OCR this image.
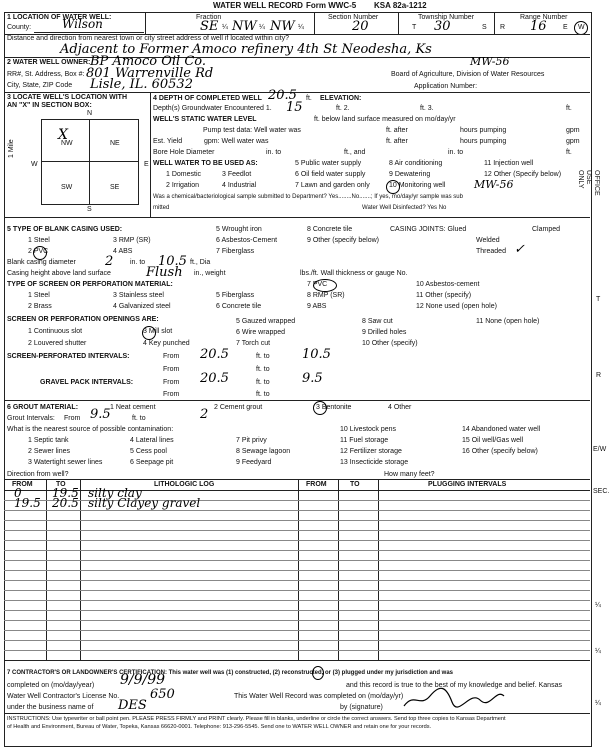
WATER WELL RECORD Form WWC-5 KSA 82a-1212
1 LOCATION OF WATER WELL:
County:	Wilson	Fraction
SE ¼ NW ¼ NW ¼
Section Number
20
Township Number
T 30	S
Range Number
R 16 E W
Distance and direction from nearest town or city street address of well if located within city?
Adjacent to Former Amoco refinery 4th St Neodesha, Ks
2 WATER WELL OWNER: BP Amoco Oil Co.	MW-56
RR#, St. Address, Box #: 801 Warrenville Rd	Board of Agriculture, Division of Water Resources
City, State, ZIP Code Lisle, IL. 60532	Application Number:
3 LOCATE WELL'S LOCATION WITH
AN "X" IN SECTION BOX:
N
S
W	E
1 Mile	NW	NE
SW	SE
X
4 DEPTH OF COMPLETED WELL 20.5 ft. ELEVATION:
Depth(s) Groundwater Encountered 1. 15	ft. 2.	ft. 3.	ft.
WELL'S STATIC WATER LEVEL	ft. below land surface measured on mo/day/yr
Pump test data: Well water was	ft. after	hours pumping	gpm
Est. Yield	gpm: Well water was	ft. after	hours pumping	gpm
Bore Hole Diameter	in. to	ft., and	in. to	ft.
WELL WATER TO BE USED AS:
1 Domestic	3 Feedlot
5 Public water supply
6 Oil field water supply
7 Lawn and garden only
2 Irrigation	4 Industrial
8 Air conditioning
9 Dewatering
10 Monitoring well
11 Injection well
12 Other (Specify below)
MW-56
Was a chemical/bacteriological sample submitted to Department? Yes........No.......; If yes, mo/day/yr sample was sub
mitted	Water Well Disinfected? Yes No
5 TYPE OF BLANK CASING USED:
1 Steel
2 PVC
3 RMP (SR)
4 ABS
5 Wrought iron
6 Asbestos-Cement
7 Fiberglass
8 Concrete tile
9 Other (specify below)
CASING JOINTS: Glued	Clamped
Welded
Threaded ✓
Blank casing diameter 2 in. to 10.5 ft., Dia
Casing height above land surface	Flush in., weight	lbs./ft. Wall thickness or gauge No.
TYPE OF SCREEN OR PERFORATION MATERIAL:
1 Steel
2 Brass
3 Stainless steel
4 Galvanized steel
5 Fiberglass
6 Concrete tile
7 PVC
8 RMP (SR)
9 ABS
10 Asbestos-cement
11 Other (specify)
12 None used (open hole)
SCREEN OR PERFORATION OPENINGS ARE:
1 Continuous slot
2 Louvered shutter
3 Mill slot
4 Key punched
5 Gauzed wrapped
6 Wire wrapped
7 Torch cut
8 Saw cut
9 Drilled holes
10 Other (specify)
11 None (open hole)
SCREEN-PERFORATED INTERVALS:	From 20.5	ft. to 10.5
From	ft. to
GRAVEL PACK INTERVALS:	From 20.5	ft. to 9.5
From	ft. to
6 GROUT MATERIAL:	1 Neat cement	2 Cement grout	3 Bentonite	4 Other
Grout Intervals: From 9.5	ft. to	2
What is the nearest source of possible contamination:
1 Septic tank
2 Sewer lines
3 Watertight sewer lines
4 Lateral lines
5 Cess pool
6 Seepage pit
7 Pit privy
8 Sewage lagoon
9 Feedyard
10 Livestock pens
11 Fuel storage
12 Fertilizer storage
13 Insecticide storage
14 Abandoned water well
15 Oil well/Gas well
16 Other (specify below)
Direction from well?	How many feet?
FROM	TO	LITHOLOGIC LOG	FROM	TO	PLUGGING INTERVALS
0	19.5 silty clay
19.5 20.5 silty Clayey gravel
7 CONTRACTOR'S OR LANDOWNER'S CERTIFICATION: This water well was (1) constructed, (2) reconstructed, or (3) plugged under my jurisdiction and was
completed on (mo/day/year) 9/9/99	and this record is true to the best of my knowledge and belief. Kansas
Water Well Contractor's License No. 650	This Water Well Record was completed on (mo/day/yr)
under the business name of DES	by (signature)
INSTRUCTIONS: Use typewriter or ball point pen. PLEASE PRESS FIRMLY and PRINT clearly. Please fill in blanks, underline or circle the correct answers. Send top three copies to Kansas Department
of Health and Environment, Bureau of Water, Topeka, Kansas 66620-0001. Telephone: 913-296-5545. Send one to WATER WELL OWNER and retain one for your records.
OFFICE USE ONLY
T
R
E/W
SEC.
¼
¼
¼
